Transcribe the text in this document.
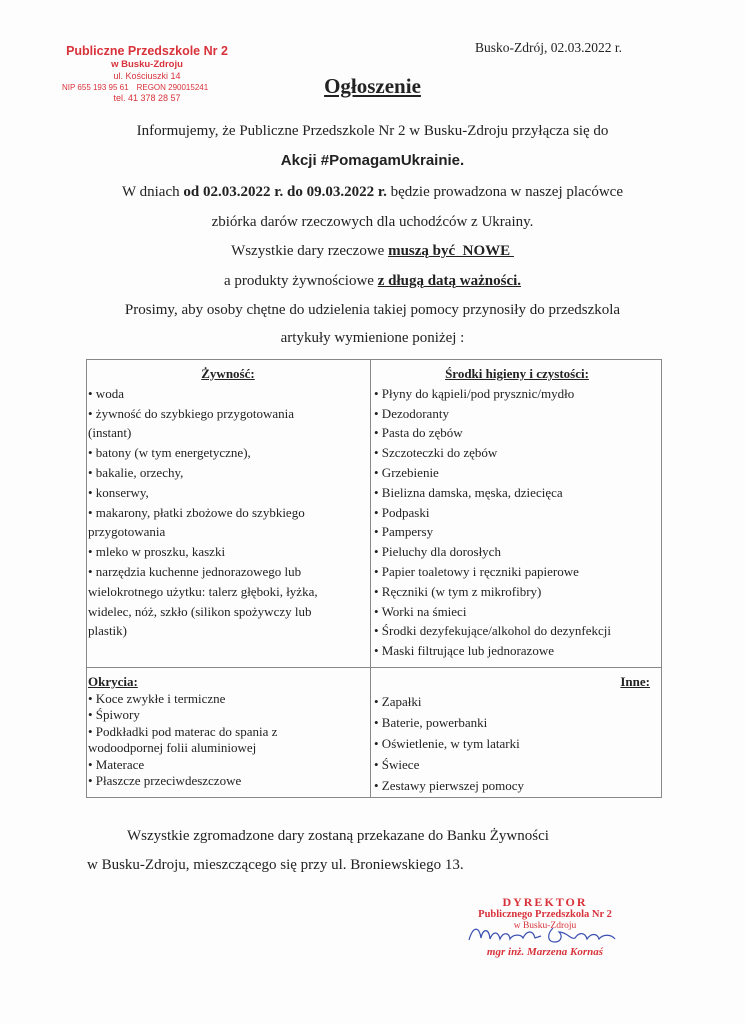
Publiczne Przedszkole Nr 2
w Busku-Zdroju
ul. Kościuszki 14
NIP 655 193 95 61 REGON 290015241
tel. 41 378 28 57
Busko-Zdrój, 02.03.2022 r.
Ogłoszenie
Informujemy, że Publiczne Przedszkole Nr 2 w Busku-Zdroju przyłącza się do
Akcji #PomagamUkrainie.
W dniach od 02.03.2022 r. do 09.03.2022 r. będzie prowadzona w naszej placówce
zbiórka darów rzeczowych dla uchodźców z Ukrainy.
Wszystkie dary rzeczowe muszą być  NOWE
a produkty żywnościowe z długą datą ważności.
Prosimy, aby osoby chętne do udzielenia takiej pomocy przynosiły do przedszkola
artykuły wymienione poniżej :
Żywność:
• woda
• żywność do szybkiego przygotowania
(instant)
• batony (w tym energetyczne),
• bakalie, orzechy,
• konserwy,
• makarony, płatki zbożowe do szybkiego
przygotowania
• mleko w proszku, kaszki
• narzędzia kuchenne jednorazowego lub
wielokrotnego użytku: talerz głęboki, łyżka,
widelec, nóż, szkło (silikon spożywczy lub
plastik)
Środki higieny i czystości:
• Płyny do kąpieli/pod prysznic/mydło
• Dezodoranty
• Pasta do zębów
• Szczoteczki do zębów
• Grzebienie
• Bielizna damska, męska, dziecięca
• Podpaski
• Pampersy
• Pieluchy dla dorosłych
• Papier toaletowy i ręczniki papierowe
• Ręczniki (w tym z mikrofibry)
• Worki na śmieci
• Środki dezyfekujące/alkohol do dezynfekcji
• Maski filtrujące lub jednorazowe
Okrycia:
• Koce zwykłe i termiczne
• Śpiwory
• Podkładki pod materac do spania z
wodoodpornej folii aluminiowej
• Materace
• Płaszcze przeciwdeszczowe
Inne:
• Zapałki
• Baterie, powerbanki
• Oświetlenie, w tym latarki
• Świece
• Zestawy pierwszej pomocy
Wszystkie zgromadzone dary zostaną przekazane do Banku Żywności
w Busku-Zdroju, mieszczącego się przy ul. Broniewskiego 13.
DYREKTOR
Publicznego Przedszkola Nr 2
w Busku-Zdroju
mgr inż. Marzena Kornaś
